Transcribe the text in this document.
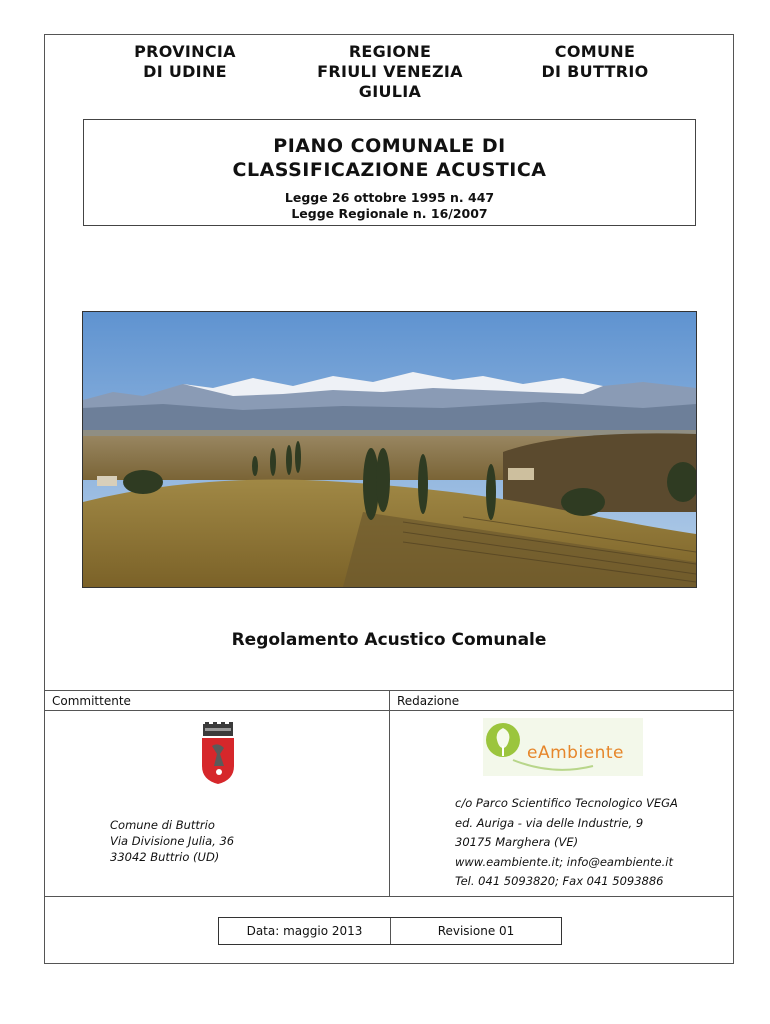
PROVINCIA
DI UDINE
REGIONE
FRIULI VENEZIA
GIULIA
COMUNE
DI BUTTRIO
PIANO COMUNALE DI
CLASSIFICAZIONE ACUSTICA
Legge 26 ottobre 1995 n. 447
Legge Regionale n. 16/2007
Regolamento Acustico Comunale
Committente	Redazione
eAmbiente
Comune di Buttrio
Via Divisione Julia, 36
33042 Buttrio (UD)
c/o Parco Scientifico Tecnologico VEGA
ed. Auriga - via delle Industrie, 9
30175 Marghera (VE)
www.eambiente.it; info@eambiente.it
Tel. 041 5093820; Fax 041 5093886
Data: maggio 2013	Revisione 01
